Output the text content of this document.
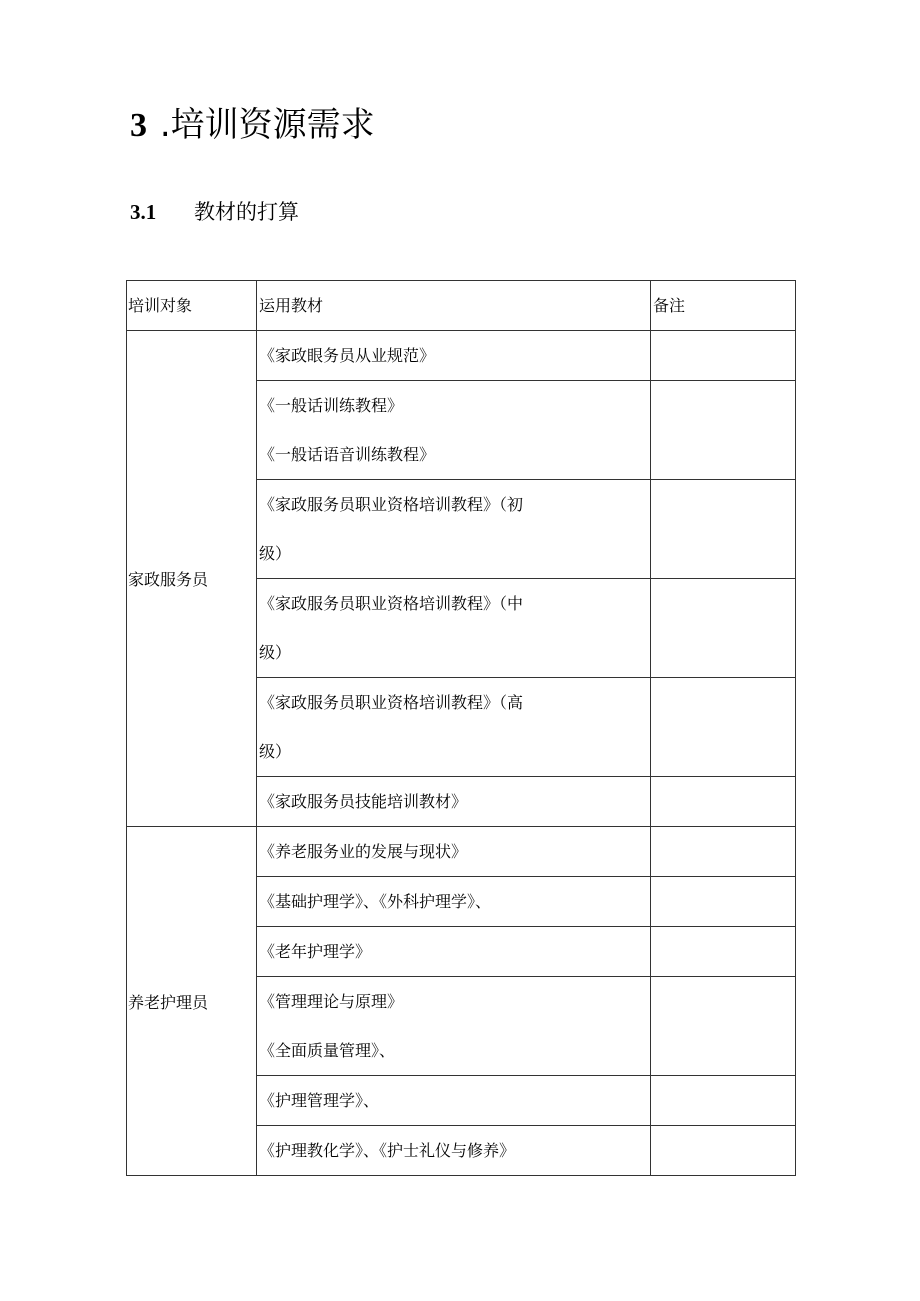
3 .培训资源需求
3.1 教材的打算
培训对象	运用教材	备注

家政服务员	《家政眼务员从业规范》	

	《一般话训练教程》
《一般话语音训练教程》	

	《家政服务员职业资格培训教程》（初
级）	

	《家政服务员职业资格培训教程》（中
级）	

	《家政服务员职业资格培训教程》（高
级）	

	《家政服务员技能培训教材》	

养老护理员	《养老服务业的发展与现状》	

	《基础护理学》、《外科护理学》、	

	《老年护理学》	

	《管理理论与原理》
《全面质量管理》、	

	《护理管理学》、	

	《护理教化学》、《护士礼仪与修养》	
